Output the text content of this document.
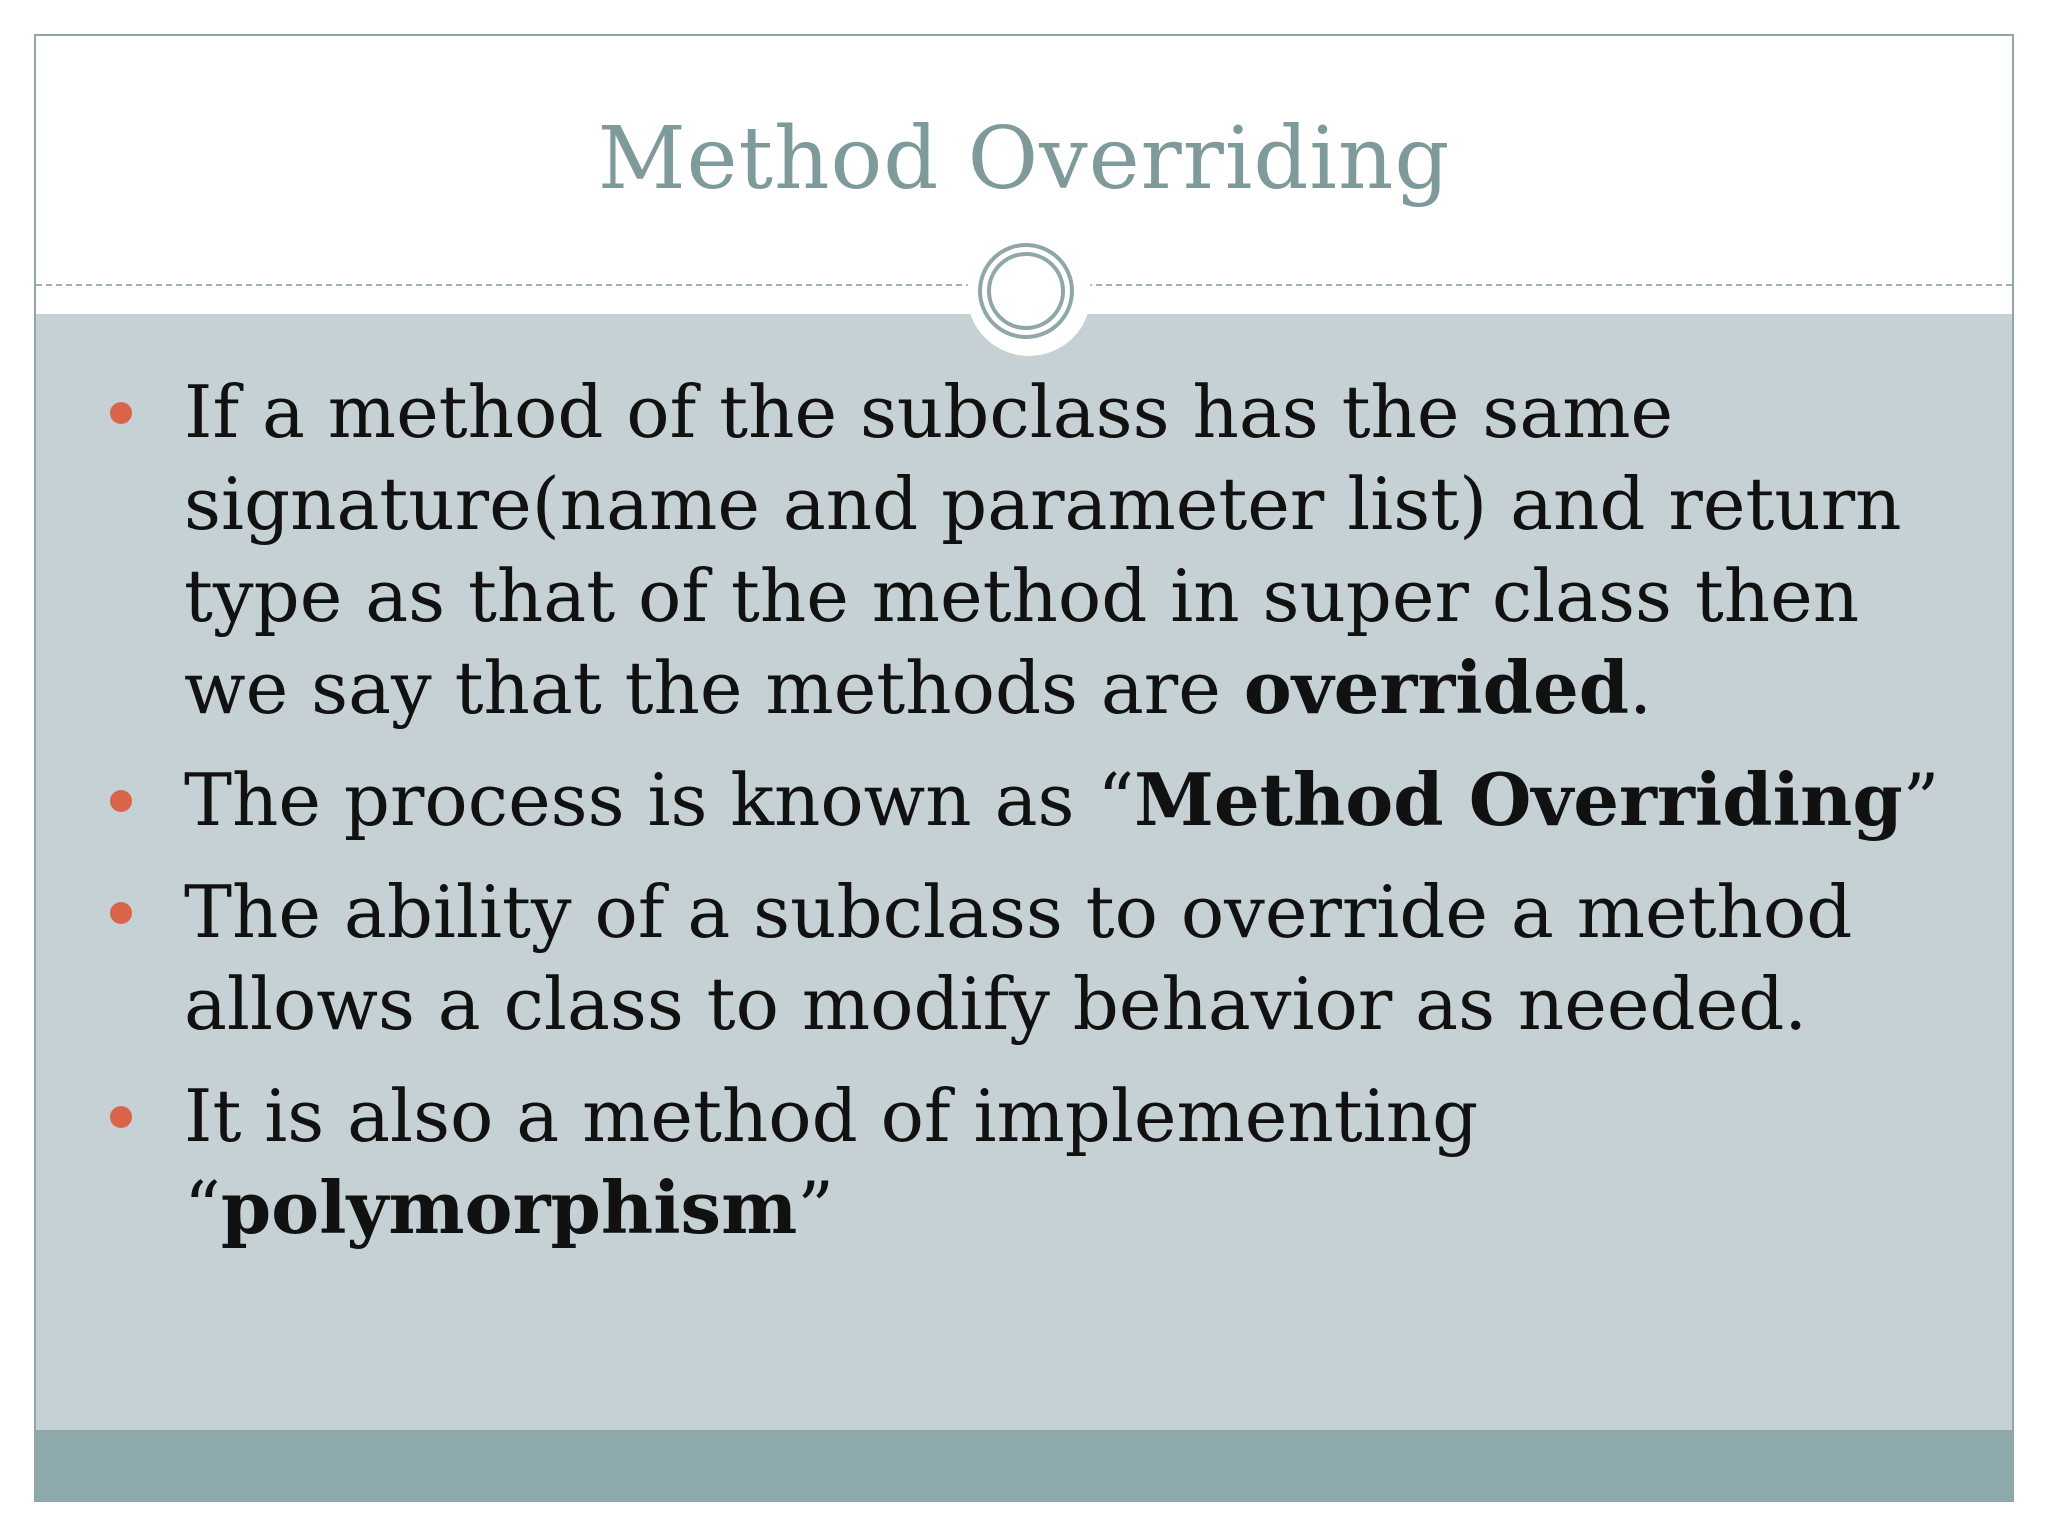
Method Overriding
If a method of the subclass has the same signature(name and parameter list) and return type as that of the method in super class then we say that the methods are overrided.
The process is known as “Method Overriding”
The ability of a subclass to override a method allows a class to modify behavior as needed.
It is also a method of implementing “polymorphism”
